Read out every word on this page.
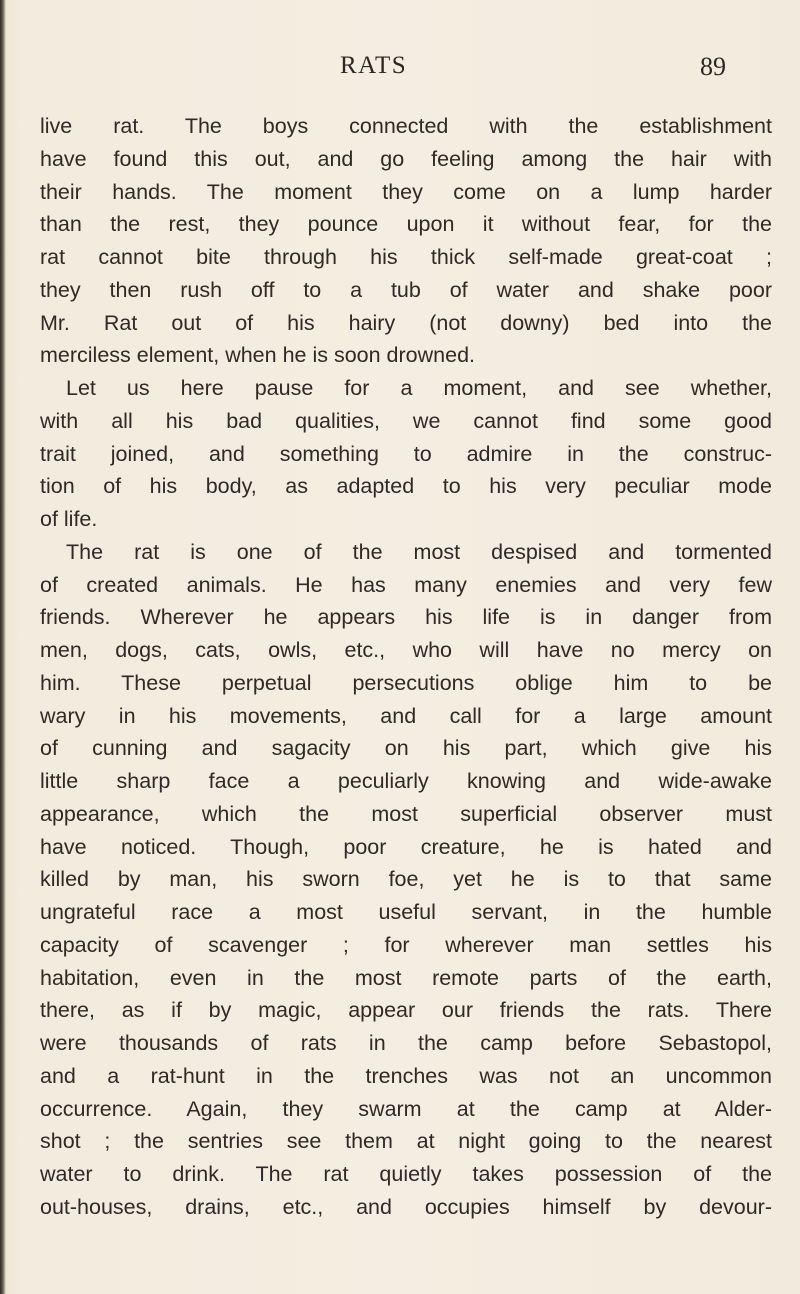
RATS	89
live rat. The boys connected with the establishment
have found this out, and go feeling among the hair with
their hands. The moment they come on a lump harder
than the rest, they pounce upon it without fear, for the
rat cannot bite through his thick self-made great-coat ;
they then rush off to a tub of water and shake poor
Mr. Rat out of his hairy (not downy) bed into the
merciless element, when he is soon drowned.
Let us here pause for a moment, and see whether,
with all his bad qualities, we cannot find some good
trait joined, and something to admire in the construc-
tion of his body, as adapted to his very peculiar mode
of life.
The rat is one of the most despised and tormented
of created animals. He has many enemies and very few
friends. Wherever he appears his life is in danger from
men, dogs, cats, owls, etc., who will have no mercy on
him. These perpetual persecutions oblige him to be
wary in his movements, and call for a large amount
of cunning and sagacity on his part, which give his
little sharp face a peculiarly knowing and wide-awake
appearance, which the most superficial observer must
have noticed. Though, poor creature, he is hated and
killed by man, his sworn foe, yet he is to that same
ungrateful race a most useful servant, in the humble
capacity of scavenger ; for wherever man settles his
habitation, even in the most remote parts of the earth,
there, as if by magic, appear our friends the rats. There
were thousands of rats in the camp before Sebastopol,
and a rat-hunt in the trenches was not an uncommon
occurrence. Again, they swarm at the camp at Alder-
shot ; the sentries see them at night going to the nearest
water to drink. The rat quietly takes possession of the
out-houses, drains, etc., and occupies himself by devour-
